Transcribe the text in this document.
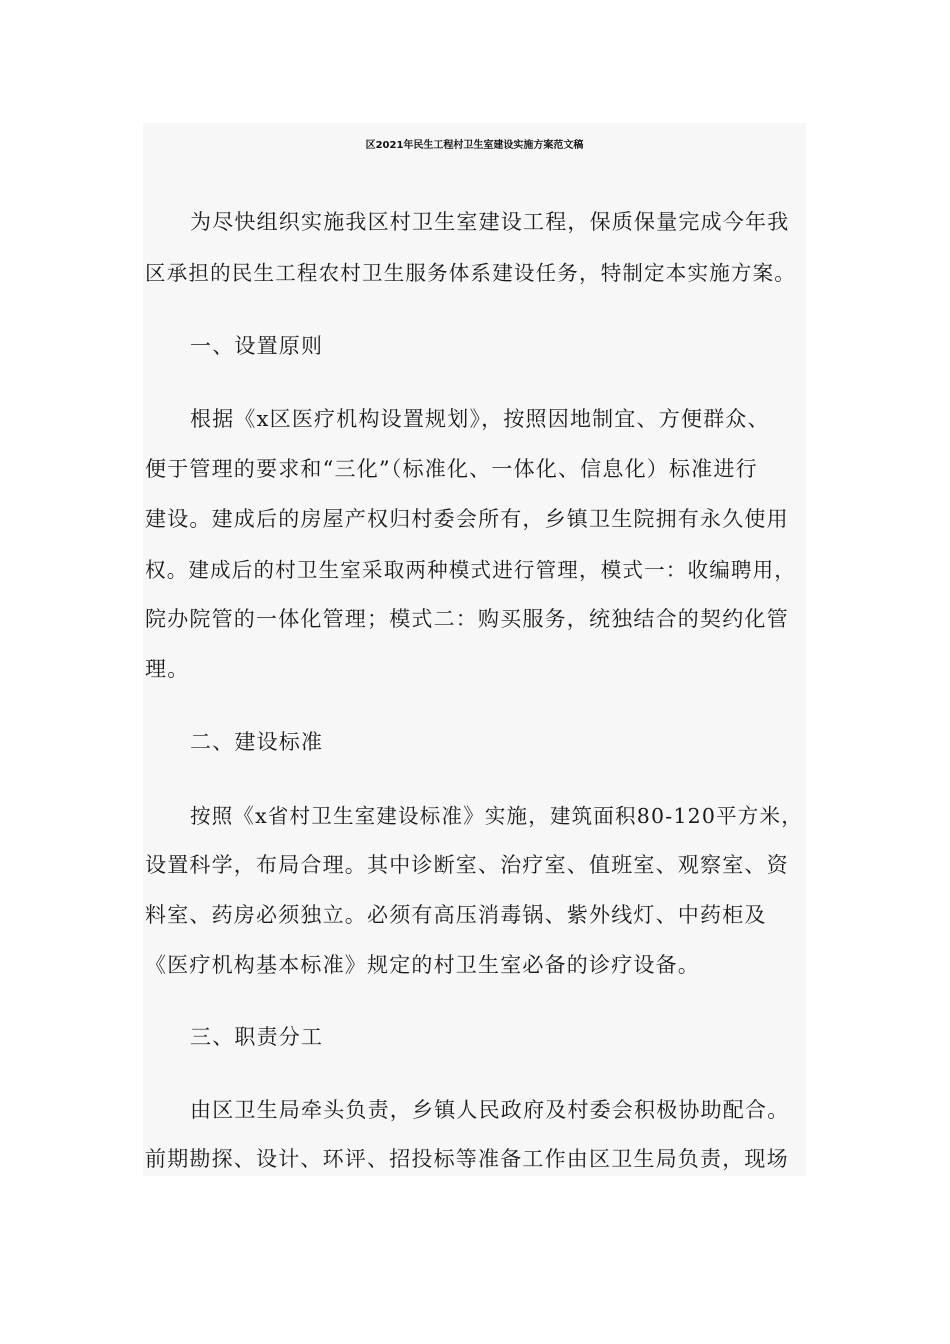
区2021年民生工程村卫生室建设实施方案范文稿
为尽快组织实施我区村卫生室建设工程，保质保量完成今年我
区承担的民生工程农村卫生服务体系建设任务，特制定本实施方案。
一、设置原则
根据《x区医疗机构设置规划》，按照因地制宜、方便群众、
便于管理的要求和“三化”（标准化、一体化、信息化）标准进行
建设。建成后的房屋产权归村委会所有，乡镇卫生院拥有永久使用
权。建成后的村卫生室采取两种模式进行管理，模式一：收编聘用，
院办院管的一体化管理；模式二：购买服务，统独结合的契约化管
理。
二、建设标准
按照《x省村卫生室建设标准》实施，建筑面积80-120平方米，
设置科学，布局合理。其中诊断室、治疗室、值班室、观察室、资
料室、药房必须独立。必须有高压消毒锅、紫外线灯、中药柜及
《医疗机构基本标准》规定的村卫生室必备的诊疗设备。
三、职责分工
由区卫生局牵头负责，乡镇人民政府及村委会积极协助配合。
前期勘探、设计、环评、招投标等准备工作由区卫生局负责，现场
